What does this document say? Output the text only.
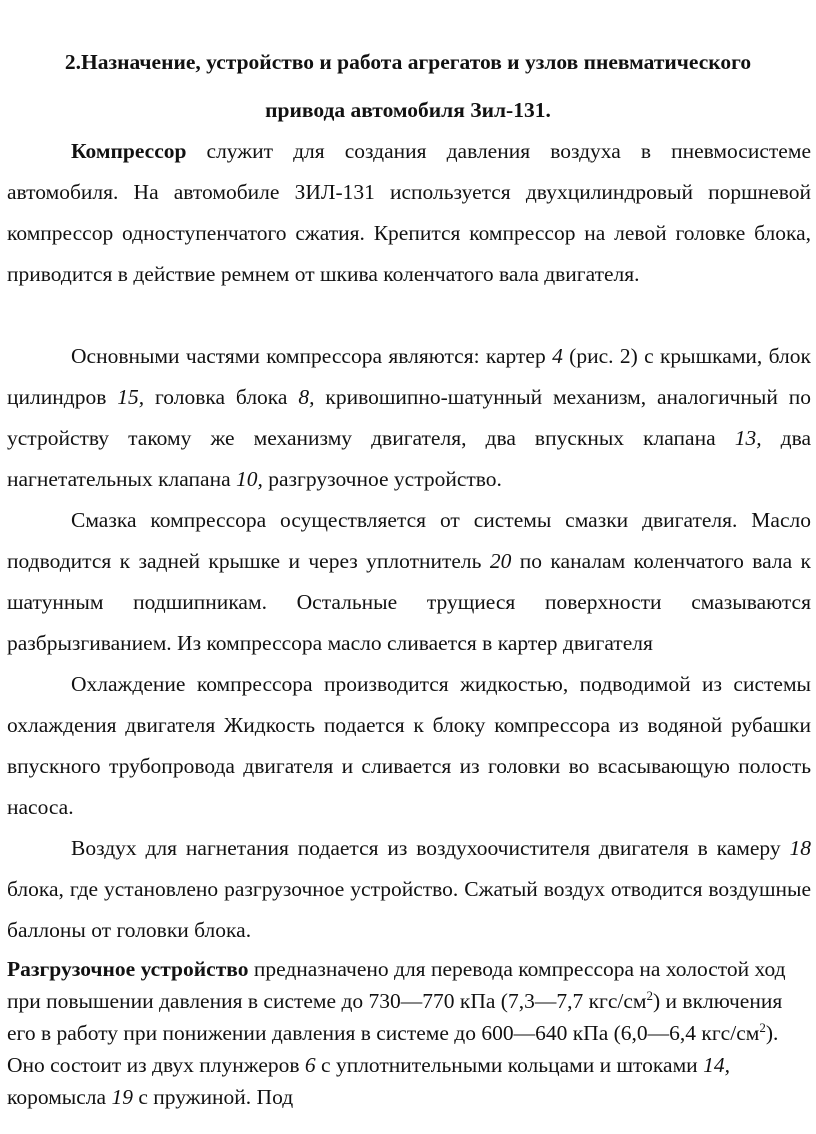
2.Назначение, устройство и работа агрегатов и узлов пневматического
привода автомобиля Зил-131.

Компрессор служит для создания давления воздуха в пневмосистеме автомобиля. На автомобиле ЗИЛ-131 используется двухцилиндровый поршневой компрессор одноступенчатого сжатия. Крепится компрессор на левой головке блока, приводится в действие ремнем от шкива коленчатого вала двигателя.

Основными частями компрессора являются: картер 4 (рис. 2) с крышками, блок цилиндров 15, головка блока 8, кривошипно-шатунный механизм, аналогичный по устройству такому же механизму двигателя, два впускных клапана 13, два нагнетательных клапана 10, разгрузочное устройство.

Смазка компрессора осуществляется от системы смазки двигателя. Масло подводится к задней крышке и через уплотнитель 20 по каналам коленчатого вала к шатунным подшипникам. Остальные трущиеся поверхности смазываются разбрызгиванием. Из компрессора масло сливается в картер двигателя

Охлаждение компрессора производится жидкостью, подводимой из системы охлаждения двигателя Жидкость подается к блоку компрессора из водяной рубашки впускного трубопровода двигателя и сливается из головки во всасывающую полость насоса.

Воздух для нагнетания подается из воздухоочистителя двигателя в камеру 18 блока, где установлено разгрузочное устройство. Сжатый воздух отводится воздушные баллоны от головки блока.

Разгрузочное устройство предназначено для перевода компрессора на холостой ход при повышении давления в системе до 730—770 кПа (7,3—7,7 кгс/$см^2$) и включения его в работу при понижении давления в системе до 600—640 кПа (6,0—6,4 кгс/$см^2$). Оно состоит из двух плунжеров 6 с уплотнительными кольцами и штоками 14, коромысла 19 с пружиной. Под
